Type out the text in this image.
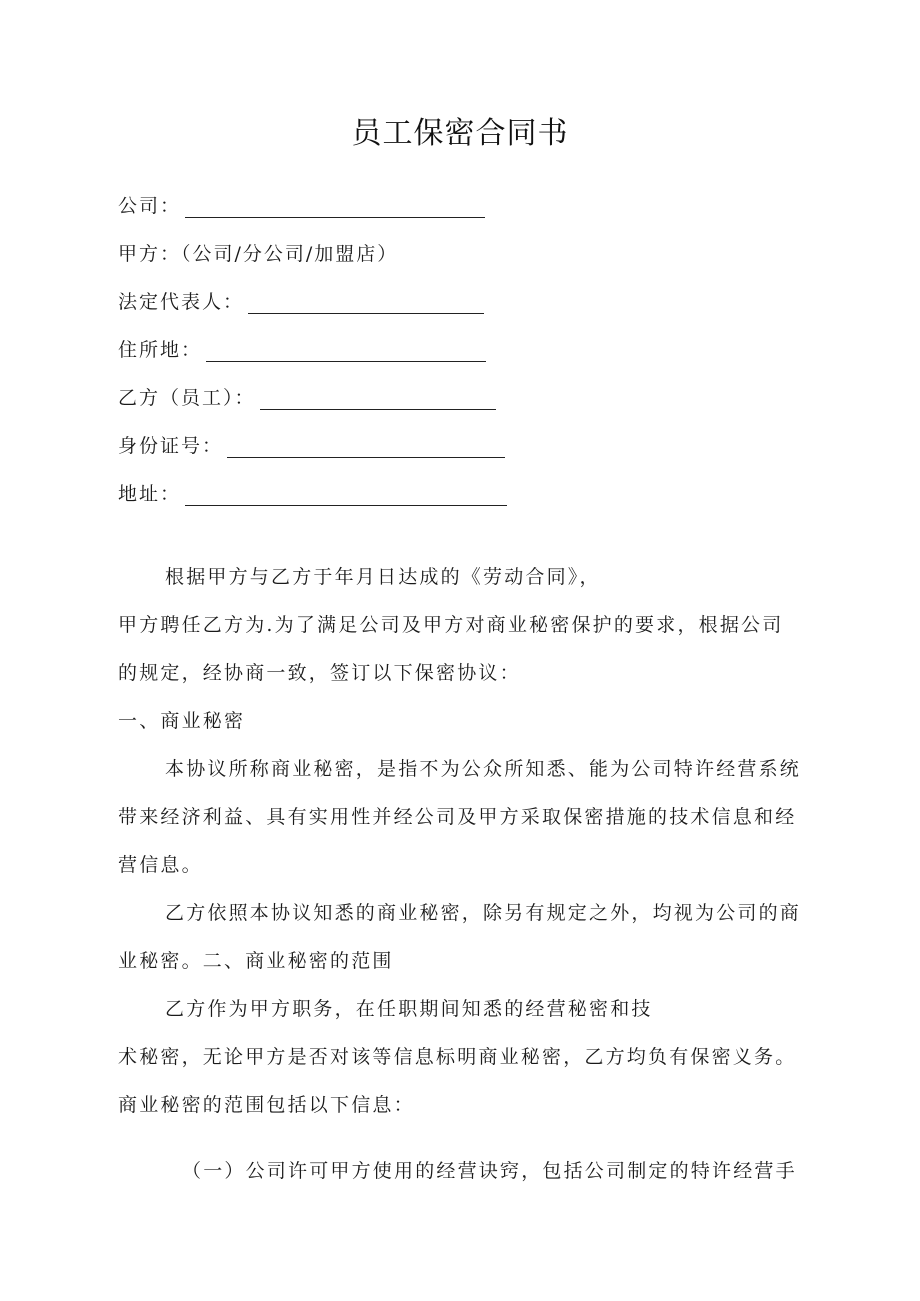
员工保密合同书
公司：
甲方：（公司/分公司/加盟店）
法定代表人：
住所地：
乙方（员工）：
身份证号：
地址：

根据甲方与乙方于年月日达成的《劳动合同》，

甲方聘任乙方为.为了满足公司及甲方对商业秘密保护的要求，根据公司

的规定，经协商一致，签订以下保密协议：

一、商业秘密

本协议所称商业秘密，是指不为公众所知悉、能为公司特许经营系统

带来经济利益、具有实用性并经公司及甲方采取保密措施的技术信息和经

营信息。

乙方依照本协议知悉的商业秘密，除另有规定之外，均视为公司的商

业秘密。二、商业秘密的范围

乙方作为甲方职务，在任职期间知悉的经营秘密和技

术秘密，无论甲方是否对该等信息标明商业秘密，乙方均负有保密义务。

商业秘密的范围包括以下信息：

（一）公司许可甲方使用的经营诀窍，包括公司制定的特许经营手
